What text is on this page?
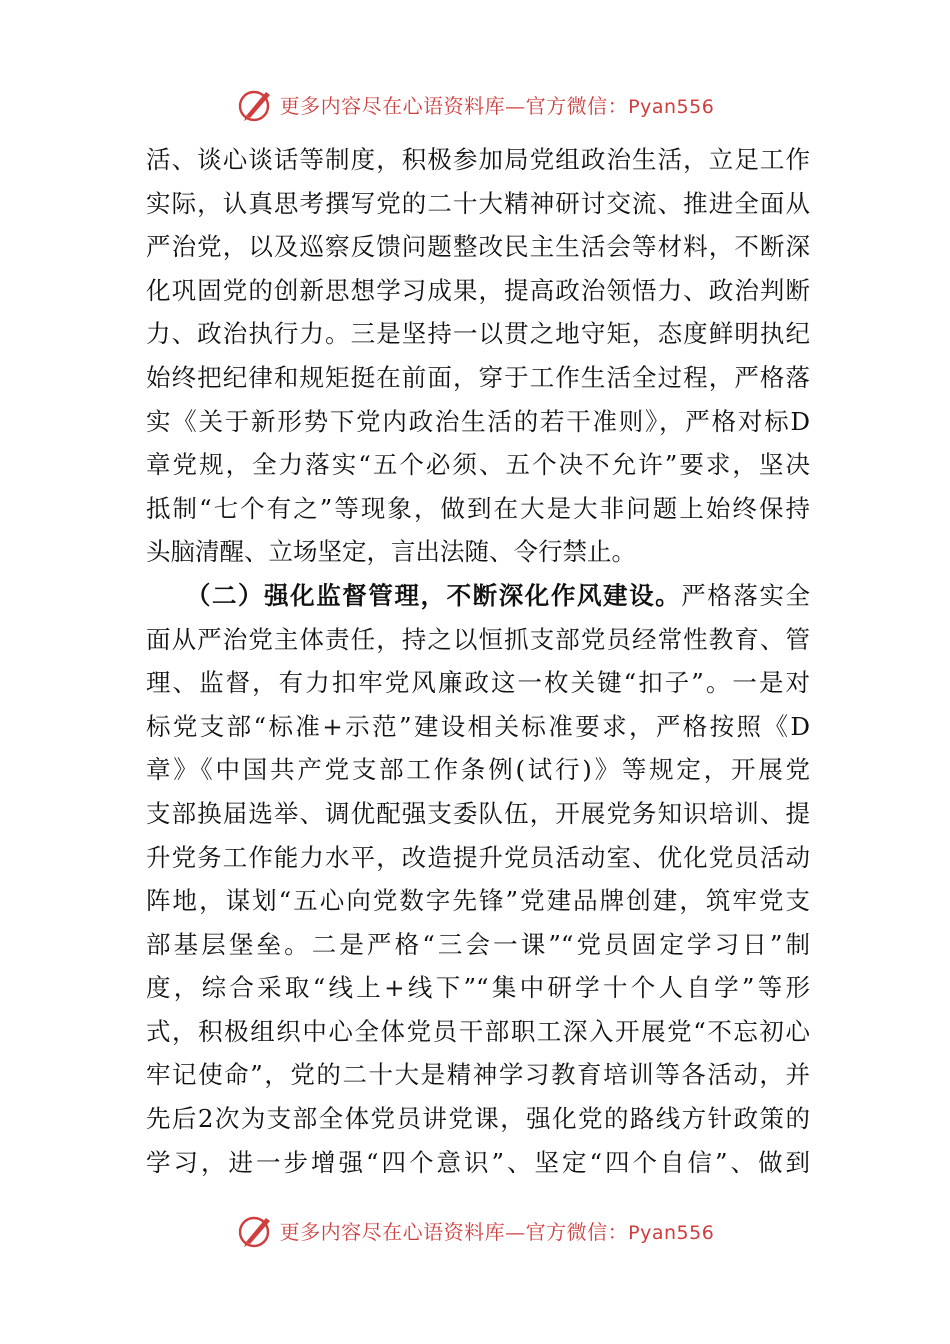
更多内容尽在心语资料库—官方微信：Pyan556
活、谈心谈话等制度，积极参加局党组政治生活，立足工作
实际，认真思考撰写党的二十大精神研讨交流、推进全面从
严治党，以及巡察反馈问题整改民主生活会等材料，不断深
化巩固党的创新思想学习成果，提高政治领悟力、政治判断
力、政治执行力。三是坚持一以贯之地守矩，态度鲜明执纪
始终把纪律和规矩挺在前面，穿于工作生活全过程，严格落
实《关于新形势下党内政治生活的若干准则》，严格对标D
章党规，全力落实“五个必须、五个决不允许”要求，坚决
抵制“七个有之”等现象，做到在大是大非问题上始终保持
头脑清醒、立场坚定，言出法随、令行禁止。
　　（二）强化监督管理，不断深化作风建设。严格落实全
面从严治党主体责任，持之以恒抓支部党员经常性教育、管
理、监督，有力扣牢党风廉政这一枚关键“扣子”。一是对
标党支部“标准+示范”建设相关标准要求，严格按照《D
章》《中国共产党支部工作条例(试行)》等规定，开展党
支部换届选举、调优配强支委队伍，开展党务知识培训、提
升党务工作能力水平，改造提升党员活动室、优化党员活动
阵地，谋划“五心向党数字先锋”党建品牌创建，筑牢党支
部基层堡垒。二是严格“三会一课”“党员固定学习日”制
度，综合采取“线上+线下”“集中研学十个人自学”等形
式，积极组织中心全体党员干部职工深入开展党“不忘初心
牢记使命”，党的二十大是精神学习教育培训等各活动，并
先后2次为支部全体党员讲党课，强化党的路线方针政策的
学习，进一步增强“四个意识”、坚定“四个自信”、做到
更多内容尽在心语资料库—官方微信：Pyan556
